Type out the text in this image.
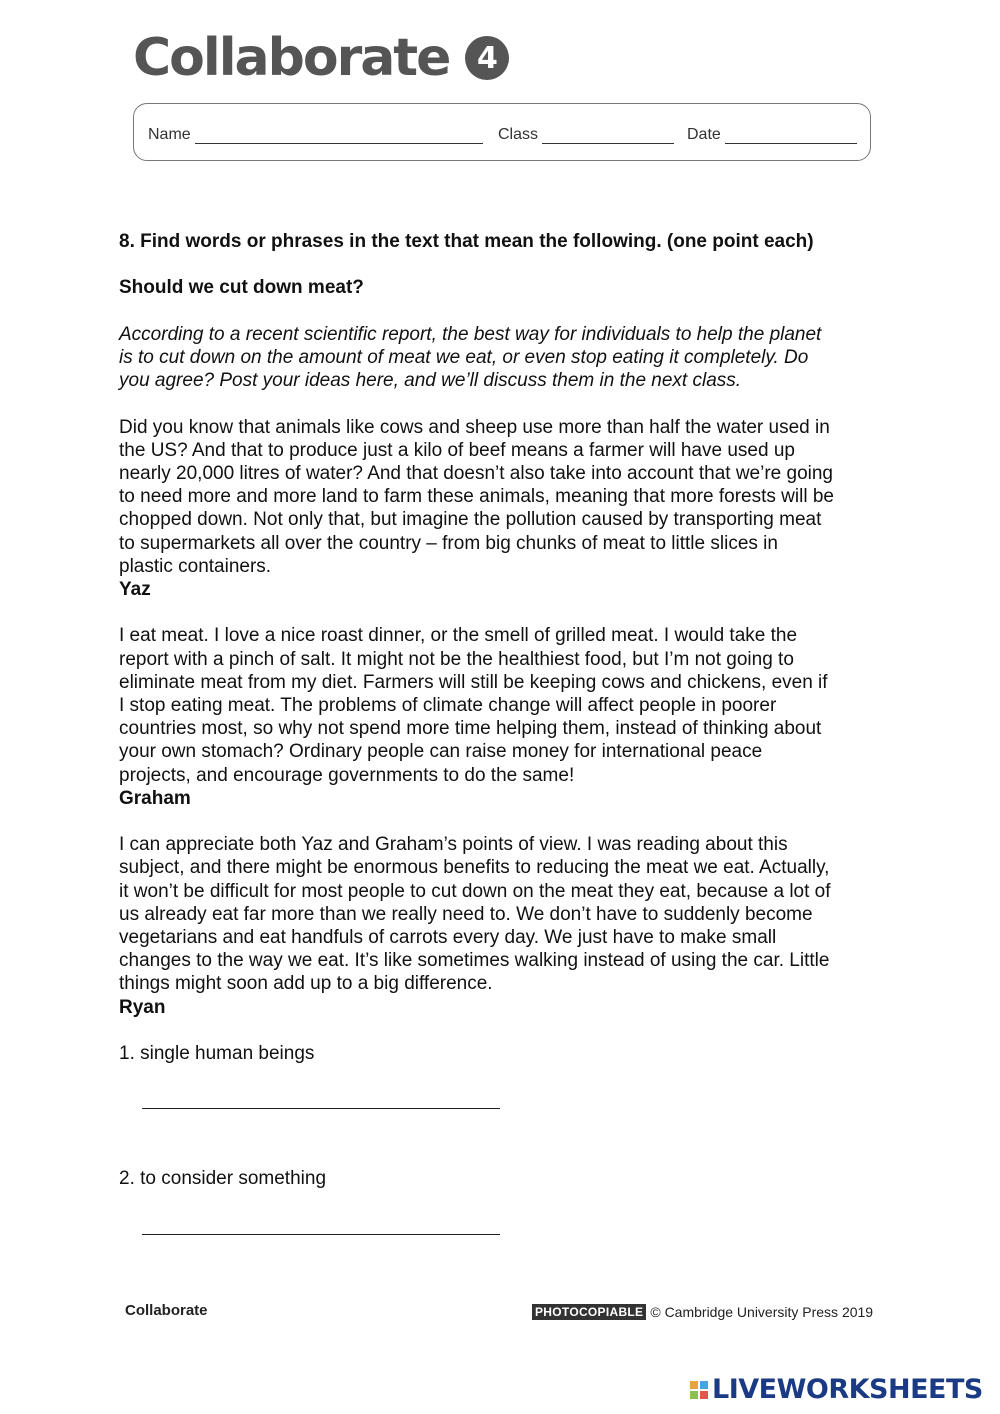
Collaborate 4
Name	Class	Date

8. Find words or phrases in the text that mean the following. (one point each)

Should we cut down meat?

According to a recent scientific report, the best way for individuals to help the planet

is to cut down on the amount of meat we eat, or even stop eating it completely. Do

you agree? Post your ideas here, and we’ll discuss them in the next class.

Did you know that animals like cows and sheep use more than half the water used in

the US? And that to produce just a kilo of beef means a farmer will have used up

nearly 20,000 litres of water? And that doesn’t also take into account that we’re going

to need more and more land to farm these animals, meaning that more forests will be

chopped down. Not only that, but imagine the pollution caused by transporting meat

to supermarkets all over the country – from big chunks of meat to little slices in

plastic containers.

Yaz

I eat meat. I love a nice roast dinner, or the smell of grilled meat. I would take the

report with a pinch of salt. It might not be the healthiest food, but I’m not going to

eliminate meat from my diet. Farmers will still be keeping cows and chickens, even if

I stop eating meat. The problems of climate change will affect people in poorer

countries most, so why not spend more time helping them, instead of thinking about

your own stomach? Ordinary people can raise money for international peace

projects, and encourage governments to do the same!

Graham

I can appreciate both Yaz and Graham’s points of view. I was reading about this

subject, and there might be enormous benefits to reducing the meat we eat. Actually,

it won’t be difficult for most people to cut down on the meat they eat, because a lot of

us already eat far more than we really need to. We don’t have to suddenly become

vegetarians and eat handfuls of carrots every day. We just have to make small

changes to the way we eat. It’s like sometimes walking instead of using the car. Little

things might soon add up to a big difference.

Ryan

1. single human beings

2. to consider something

Collaborate	PHOTOCOPIABLE © Cambridge University Press 2019
LIVEWORKSHEETS
